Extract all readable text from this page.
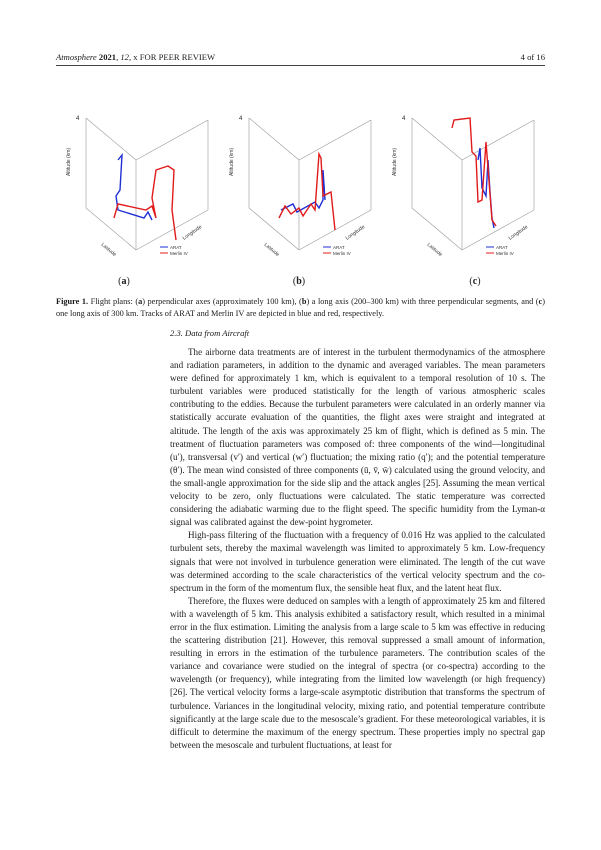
Atmosphere 2021, 12, x FOR PEER REVIEW	4 of 16
4
Altitude (km)
Latitude
Longitude
ARAT
Merlin IV
4
Altitude (km)
Latitude
Longitude
ARAT
Merlin IV
4
Altitude (km)
Latitude
Longitude
ARAT
Merlin IV
(a)	(b)	(c)
Figure 1. Flight plans: (a) perpendicular axes (approximately 100 km), (b) a long axis (200–300 km) with three perpendicular segments, and (c) one long axis of 300 km. Tracks of ARAT and Merlin IV are depicted in blue and red, respectively.
2.3. Data from Aircraft

The airborne data treatments are of interest in the turbulent thermodynamics of the atmosphere and radiation parameters, in addition to the dynamic and averaged variables. The mean parameters were defined for approximately 1 km, which is equivalent to a temporal resolution of 10 s. The turbulent variables were produced statistically for the length of various atmospheric scales contributing to the eddies. Because the turbulent parameters were calculated in an orderly manner via statistically accurate evaluation of the quantities, the flight axes were straight and integrated at altitude. The length of the axis was approximately 25 km of flight, which is defined as 5 min. The treatment of fluctuation parameters was composed of: three components of the wind—longitudinal (u′), transversal (v′) and vertical (w′) fluctuation; the mixing ratio (q′); and the potential temperature (θ′). The mean wind consisted of three components (ū, v̄, w̄) calculated using the ground velocity, and the small-angle approximation for the side slip and the attack angles [25]. Assuming the mean vertical velocity to be zero, only fluctuations were calculated. The static temperature was corrected considering the adiabatic warming due to the flight speed. The specific humidity from the Lyman-α signal was calibrated against the dew-point hygrometer.

High-pass filtering of the fluctuation with a frequency of 0.016 Hz was applied to the calculated turbulent sets, thereby the maximal wavelength was limited to approximately 5 km. Low-frequency signals that were not involved in turbulence generation were eliminated. The length of the cut wave was determined according to the scale characteristics of the vertical velocity spectrum and the co-spectrum in the form of the momentum flux, the sensible heat flux, and the latent heat flux.

Therefore, the fluxes were deduced on samples with a length of approximately 25 km and filtered with a wavelength of 5 km. This analysis exhibited a satisfactory result, which resulted in a minimal error in the flux estimation. Limiting the analysis from a large scale to 5 km was effective in reducing the scattering distribution [21]. However, this removal suppressed a small amount of information, resulting in errors in the estimation of the turbulence parameters. The contribution scales of the variance and covariance were studied on the integral of spectra (or co-spectra) according to the wavelength (or frequency), while integrating from the limited low wavelength (or high frequency) [26]. The vertical velocity forms a large-scale asymptotic distribution that transforms the spectrum of turbulence. Variances in the longitudinal velocity, mixing ratio, and potential temperature contribute significantly at the large scale due to the mesoscale’s gradient. For these meteorological variables, it is difficult to determine the maximum of the energy spectrum. These properties imply no spectral gap between the mesoscale and turbulent fluctuations, at least for
